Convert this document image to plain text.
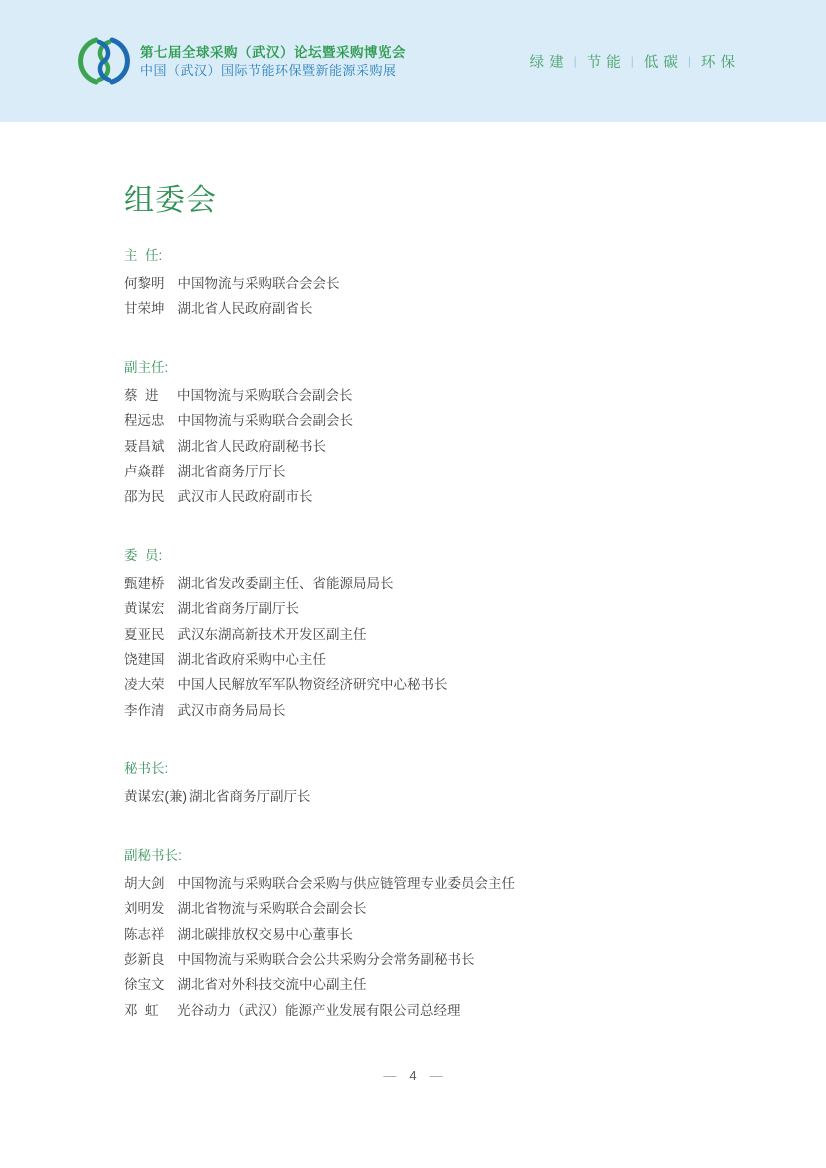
第七届全球采购（武汉）论坛暨采购博览会
中国（武汉）国际节能环保暨新能源采购展	绿建 | 节能 | 低碳 | 环保
组委会
主  任:
何黎明 中国物流与采购联合会会长
甘荣坤 湖北省人民政府副省长
副主任:
蔡  进	中国物流与采购联合会副会长
程远忠 中国物流与采购联合会副会长
聂昌斌 湖北省人民政府副秘书长
卢焱群 湖北省商务厅厅长
邵为民 武汉市人民政府副市长
委  员:
甄建桥 湖北省发改委副主任、省能源局局长
黄谋宏 湖北省商务厅副厅长
夏亚民 武汉东湖高新技术开发区副主任
饶建国 湖北省政府采购中心主任
凌大荣 中国人民解放军军队物资经济研究中心秘书长
李作清 武汉市商务局局长
秘书长:
黄谋宏(兼) 湖北省商务厅副厅长
副秘书长:
胡大剑 中国物流与采购联合会采购与供应链管理专业委员会主任
刘明发 湖北省物流与采购联合会副会长
陈志祥 湖北碳排放权交易中心董事长
彭新良 中国物流与采购联合会公共采购分会常务副秘书长
徐宝文 湖北省对外科技交流中心副主任
邓  虹	光谷动力（武汉）能源产业发展有限公司总经理
— 4 —
